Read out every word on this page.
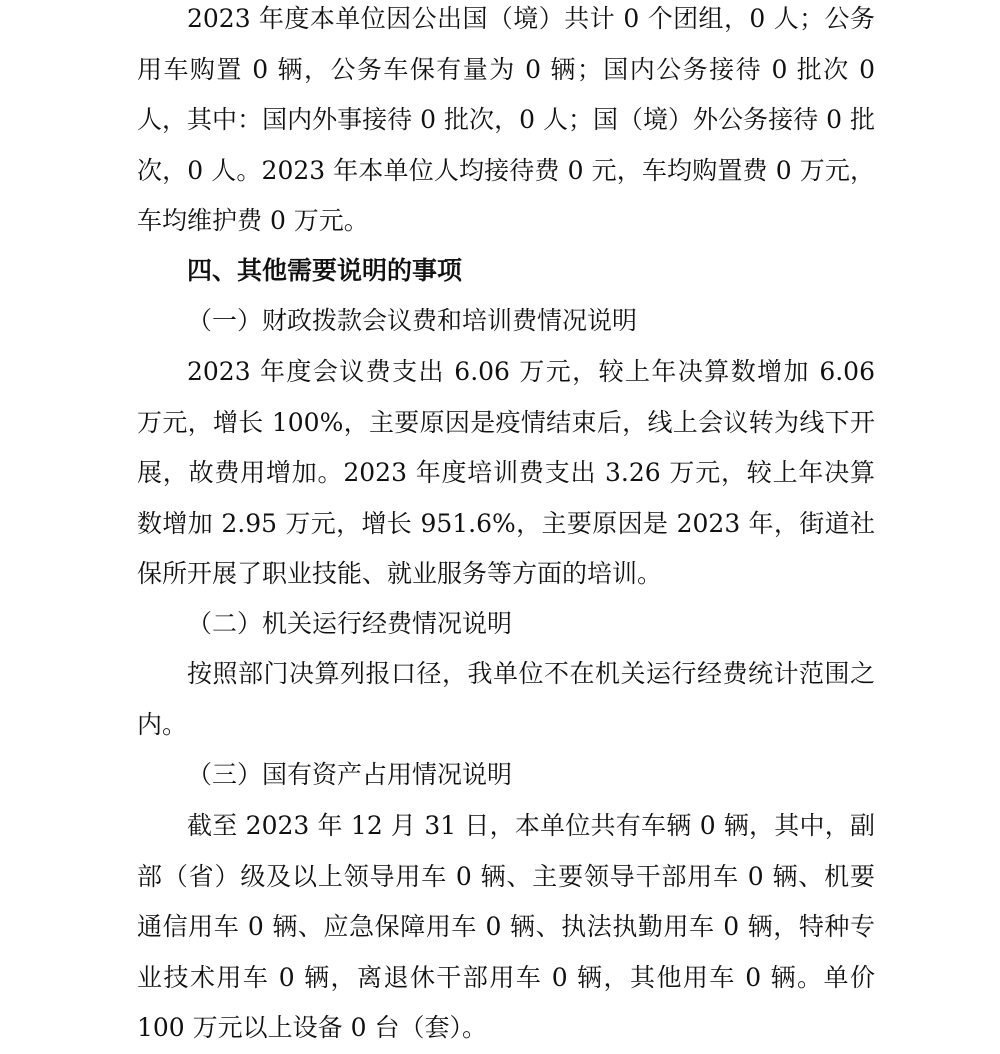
2023 年度本单位因公出国（境）共计 0 个团组，0 人；公务用车购置 0 辆，公务车保有量为 0 辆；国内公务接待 0 批次 0 人，其中：国内外事接待 0 批次，0 人；国（境）外公务接待 0 批次，0 人。2023 年本单位人均接待费 0 元，车均购置费 0 万元，车均维护费 0 万元。

四、其他需要说明的事项

（一）财政拨款会议费和培训费情况说明

2023 年度会议费支出 6.06 万元，较上年决算数增加 6.06 万元，增长 100%，主要原因是疫情结束后，线上会议转为线下开展，故费用增加。2023 年度培训费支出 3.26 万元，较上年决算数增加 2.95 万元，增长 951.6%，主要原因是 2023 年，街道社保所开展了职业技能、就业服务等方面的培训。

（二）机关运行经费情况说明

按照部门决算列报口径，我单位不在机关运行经费统计范围之内。

（三）国有资产占用情况说明

截至 2023 年 12 月 31 日，本单位共有车辆 0 辆，其中，副部（省）级及以上领导用车 0 辆、主要领导干部用车 0 辆、机要通信用车 0 辆、应急保障用车 0 辆、执法执勤用车 0 辆，特种专业技术用车 0 辆，离退休干部用车 0 辆，其他用车 0 辆。单价 100 万元以上设备 0 台（套）。
